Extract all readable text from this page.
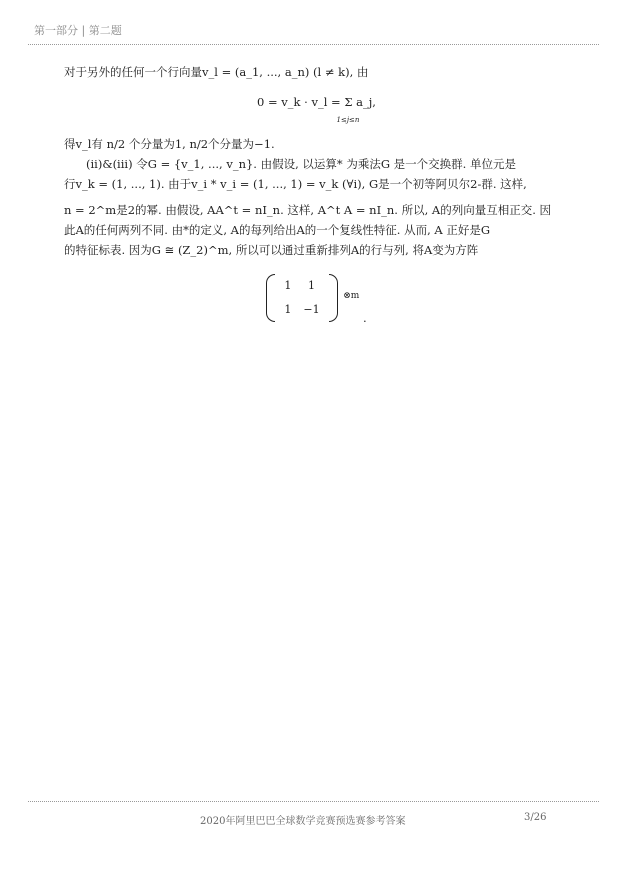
第一部分 | 第二题

对于另外的任何一个行向量v_l = (a_1, ..., a_n) (l ≠ k), 由

0 = v_k · v_l = Σ a_j,
1≤j≤n

得v_l有 n/2 个分量为1, n/2个分量为−1.

(ii)&(iii) 令G = {v_1, ..., v_n}. 由假设, 以运算* 为乘法G 是一个交换群. 单位元是

行v_k = (1, ..., 1). 由于v_i * v_i = (1, ..., 1) = v_k (∀i), G是一个初等阿贝尔2-群. 这样,

n = 2^m是2的幂. 由假设, AA^t = nI_n. 这样, A^t A = nI_n. 所以, A的列向量互相正交. 因

此A的任何两列不同. 由*的定义, A的每列给出A的一个复线性特征. 从而, A 正好是G

的特征标表. 因为G ≅ (Z_2)^m, 所以可以通过重新排列A的行与列, 将A变为方阵

1	1
1	−1
$^{\otimes m}$ .
2020年阿里巴巴全球数学竞赛预选赛参考答案	3/26
